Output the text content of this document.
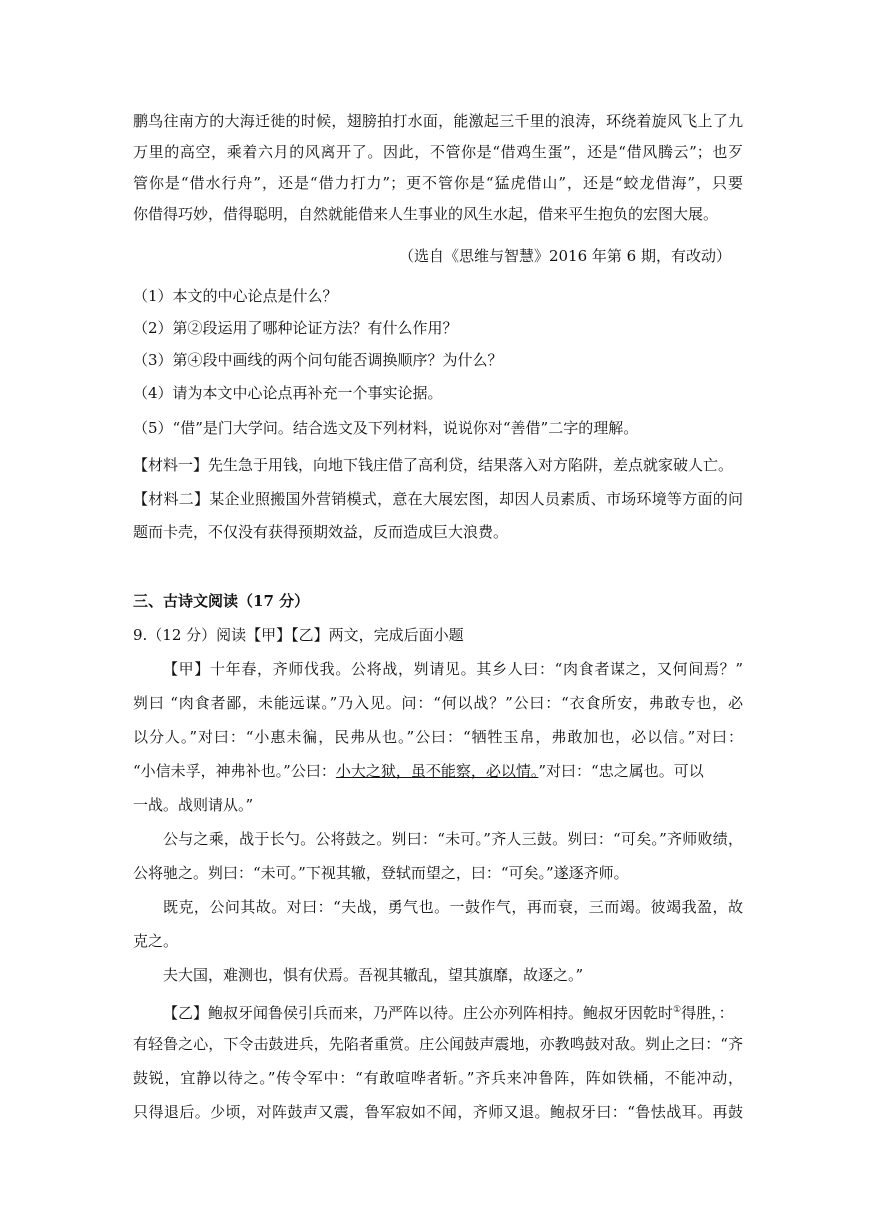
鹏鸟往南方的大海迁徙的时候，翅膀拍打水面，能激起三千里的浪涛，环绕着旋风飞上了九
万里的高空，乘着六月的风离开了。因此，不管你是“借鸡生蛋”，还是“借风腾云”；也歹
管你是“借水行舟”，还是“借力打力”；更不管你是“猛虎借山”，还是“蛟龙借海”，只要
你借得巧妙，借得聪明，自然就能借来人生事业的风生水起，借来平生抱负的宏图大展。
（选自《思维与智慧》2016 年第 6 期，有改动）
（1）本文的中心论点是什么？
（2）第②段运用了哪种论证方法？有什么作用？
（3）第④段中画线的两个问句能否调换顺序？为什么？
（4）请为本文中心论点再补充一个事实论据。
（5）“借”是门大学问。结合选文及下列材料，说说你对“善借”二字的理解。
【材料一】先生急于用钱，向地下钱庄借了高利贷，结果落入对方陷阱，差点就家破人亡。
【材料二】某企业照搬国外营销模式，意在大展宏图，却因人员素质、市场环境等方面的问
题而卡壳，不仅没有获得预期效益，反而造成巨大浪费。
三、古诗文阅读（17 分）
9.（12 分）阅读【甲】【乙】两文，完成后面小题
【甲】十年春，齐师伐我。公将战，刿请见。其乡人曰：“肉食者谋之，又何间焉？”
刿曰 “肉食者鄙，未能远谋。”乃入见。问：“何以战？”公曰：“衣食所安，弗敢专也，必
以分人。”对曰：“小惠未徧，民弗从也。”公曰：“牺牲玉帛，弗敢加也，必以信。”对曰：
“小信未孚，神弗补也。”公曰：小大之狱，虽不能察，必以情。”对曰：“忠之属也。可以
一战。战则请从。”
公与之乘，战于长勺。公将鼓之。刿曰：“未可。”齐人三鼓。刿曰：“可矣。”齐师败绩，
公将驰之。刿曰：“未可。”下视其辙，登轼而望之，曰：“可矣。”遂逐齐师。
既克，公问其故。对曰：“夫战，勇气也。一鼓作气，再而衰，三而竭。彼竭我盈，故
克之。
夫大国，难测也，惧有伏焉。吾视其辙乱，望其旗靡，故逐之。”
【乙】鲍叔牙闻鲁侯引兵而来，乃严阵以待。庄公亦列阵相持。鲍叔牙因乾时①得胜，：
有轻鲁之心，下令击鼓进兵，先陷者重赏。庄公闻鼓声震地，亦教鸣鼓对敌。刿止之曰：“齐
鼓锐，宜静以待之。”传令军中：“有敢喧哗者斩。”齐兵来冲鲁阵，阵如铁桶，不能冲动，
只得退后。少顷，对阵鼓声又震，鲁军寂如不闻，齐师又退。鲍叔牙曰：“鲁怯战耳。再鼓
